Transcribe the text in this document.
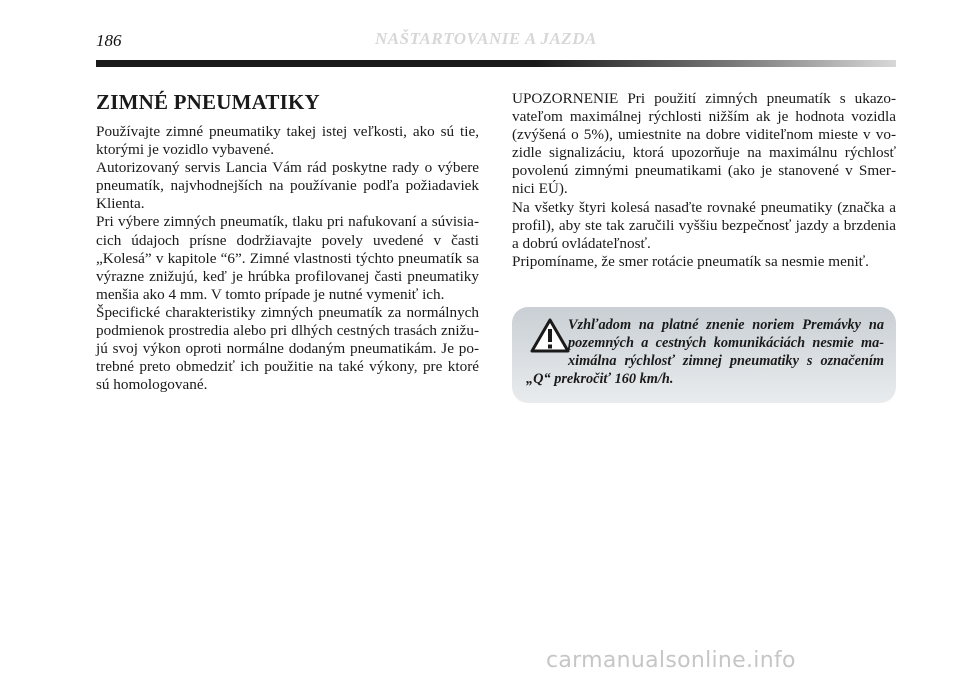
186	NAŠTARTOVANIE A JAZDA
ZIMNÉ PNEUMATIKY

Používajte zimné pneumatiky takej istej veľkosti, ako sú tie, ktorými je vozidlo vybavené.

Autorizovaný servis Lancia Vám rád poskytne rady o výbere pneumatík, najvhodnejších na používanie podľa požiadaviek Klienta.

Pri výbere zimných pneumatík, tlaku pri nafukovaní a súvisiacich údajoch prísne dodržiavajte povely uvedené v časti „Kolesá” v kapitole “6”. Zimné vlastnosti týchto pneumatík sa výrazne znižujú, keď je hrúbka profilovanej časti pneumatiky menšia ako 4 mm. V tomto prípade je nutné vymeniť ich.

Špecifické charakteristiky zimných pneumatík za normálnych podmienok prostredia alebo pri dlhých cestných trasách znižujú svoj výkon oproti normálne dodaným pneumatikám. Je potrebné preto obmedziť ich použitie na také výkony, pre ktoré sú homologované.

UPOZORNENIE Pri použití zimných pneumatík s ukazovateľom maximálnej rýchlosti nižším ak je hodnota vozidla (zvýšená o 5%), umiestnite na dobre viditeľnom mieste v vozidle signalizáciu, ktorá upozorňuje na maximálnu rýchlosť povolenú zimnými pneumatikami (ako je stanovené v Smernici EÚ).

Na všetky štyri kolesá nasaďte rovnaké pneumatiky (značka a profil), aby ste tak zaručili vyššiu bezpečnosť jazdy a brzdenia a dobrú ovládateľnosť.

Pripomíname, že smer rotácie pneumatík sa nesmie meniť.

Vzhľadom na platné znenie noriem Premávky na pozemných a cestných komunikáciách nesmie maximálna rýchlosť zimnej pneumatiky s označením „Q“ prekročiť 160 km/h.
carmanualsonline.info
